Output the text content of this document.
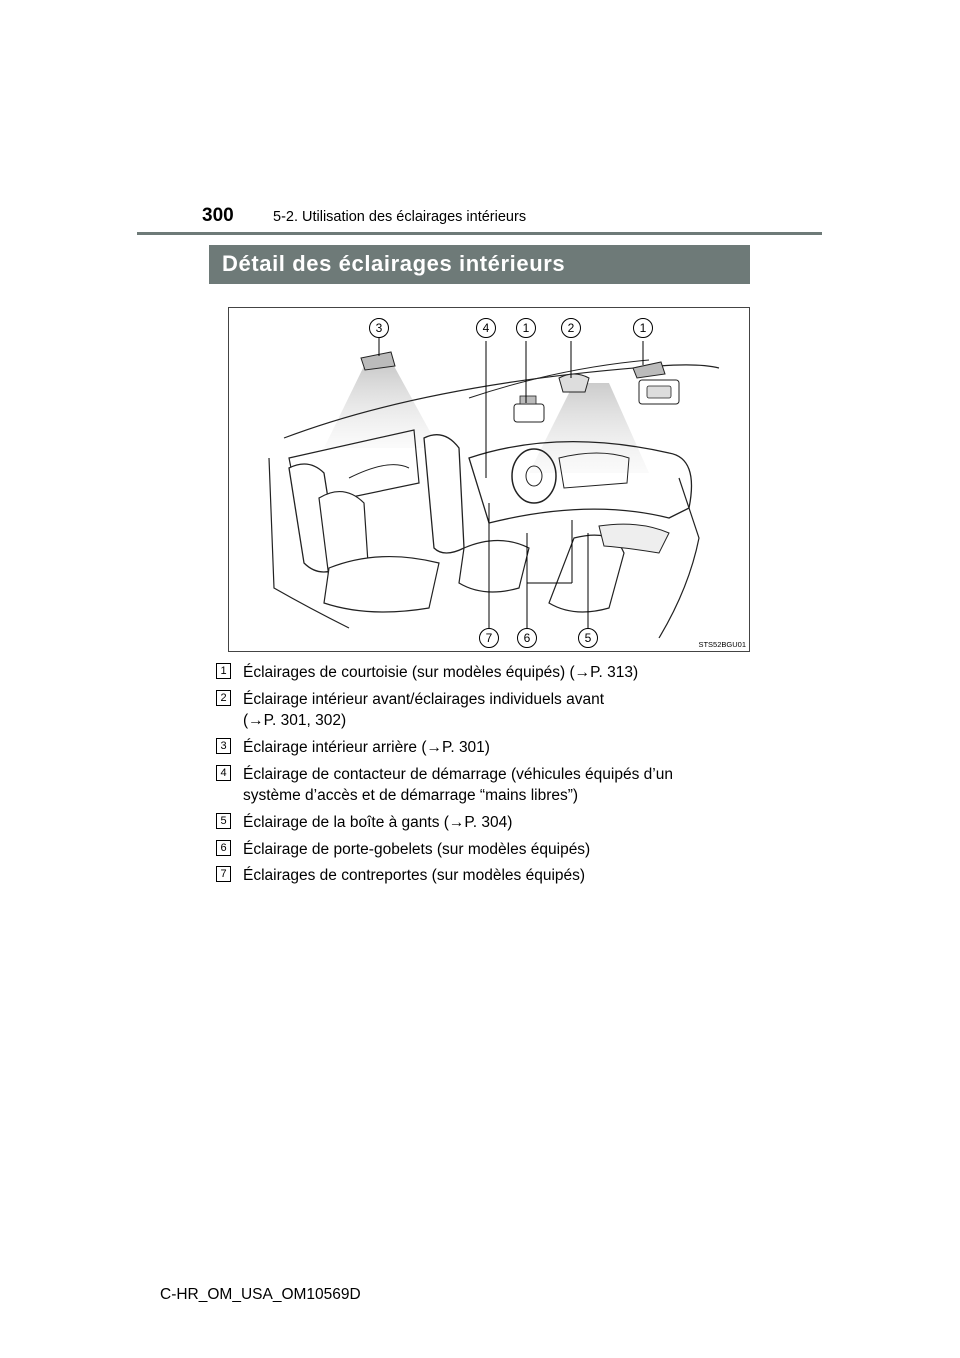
300	5-2. Utilisation des éclairages intérieurs
Détail des éclairages intérieurs
3	4	1	2	1
7	6	5	STS52BGU01
1 Éclairages de courtoisie (sur modèles équipés) (→P. 313)
2 Éclairage intérieur avant/éclairages individuels avant
(→P. 301, 302)
3 Éclairage intérieur arrière (→P. 301)
4 Éclairage de contacteur de démarrage (véhicules équipés d’un
système d’accès et de démarrage “mains libres”)
5 Éclairage de la boîte à gants (→P. 304)
6 Éclairage de porte-gobelets (sur modèles équipés)
7 Éclairages de contreportes (sur modèles équipés)
C-HR_OM_USA_OM10569D
